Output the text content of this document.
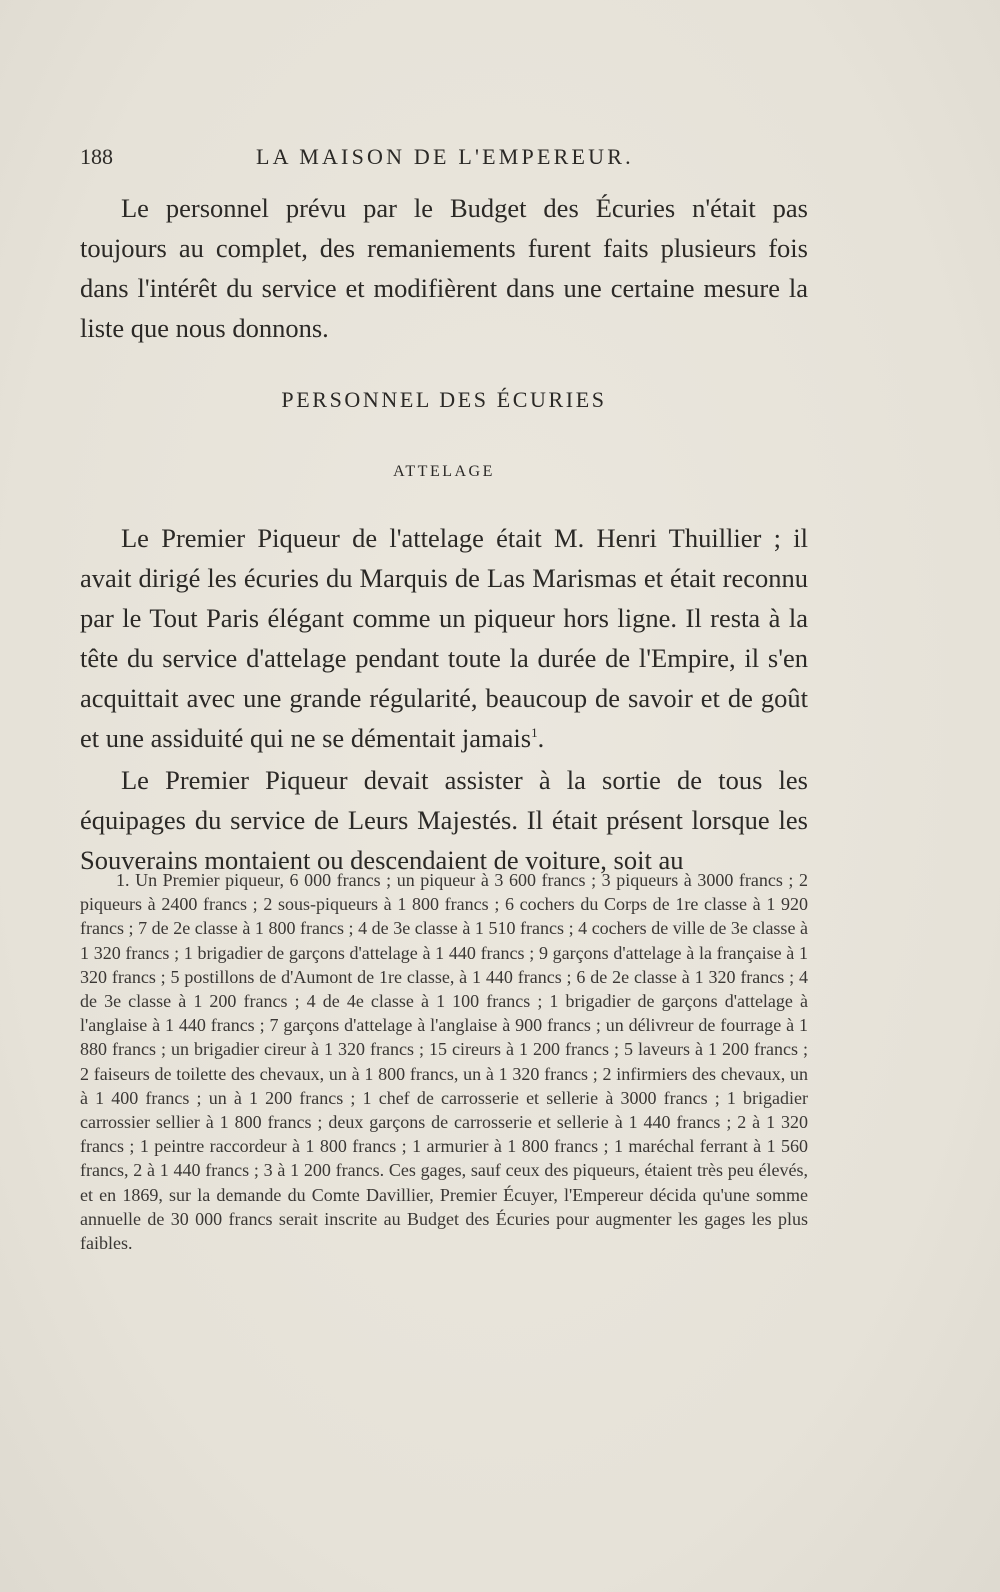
188	LA MAISON DE L'EMPEREUR.

Le personnel prévu par le Budget des Écuries n'était pas toujours au complet, des remaniements furent faits plusieurs fois dans l'intérêt du service et modifièrent dans une certaine mesure la liste que nous donnons.

PERSONNEL DES ÉCURIES
ATTELAGE

Le Premier Piqueur de l'attelage était M. Henri Thuillier ; il avait dirigé les écuries du Marquis de Las Marismas et était reconnu par le Tout Paris élégant comme un piqueur hors ligne. Il resta à la tête du service d'attelage pendant toute la durée de l'Empire, il s'en acquittait avec une grande régularité, beaucoup de savoir et de goût et une assiduité qui ne se démentait jamais$^1$.

Le Premier Piqueur devait assister à la sortie de tous les équipages du service de Leurs Majestés. Il était présent lorsque les Souverains montaient ou descendaient de voiture, soit au

1. Un Premier piqueur, 6 000 francs ; un piqueur à 3 600 francs ; 3 piqueurs à 3000 francs ; 2 piqueurs à 2400 francs ; 2 sous-piqueurs à 1 800 francs ; 6 cochers du Corps de 1re classe à 1 920 francs ; 7 de 2e classe à 1 800 francs ; 4 de 3e classe à 1 510 francs ; 4 cochers de ville de 3e classe à 1 320 francs ; 1 brigadier de garçons d'attelage à 1 440 francs ; 9 garçons d'attelage à la française à 1 320 francs ; 5 postillons de d'Aumont de 1re classe, à 1 440 francs ; 6 de 2e classe à 1 320 francs ; 4 de 3e classe à 1 200 francs ; 4 de 4e classe à 1 100 francs ; 1 brigadier de garçons d'attelage à l'anglaise à 1 440 francs ; 7 garçons d'attelage à l'anglaise à 900 francs ; un délivreur de fourrage à 1 880 francs ; un brigadier cireur à 1 320 francs ; 15 cireurs à 1 200 francs ; 5 laveurs à 1 200 francs ; 2 faiseurs de toilette des chevaux, un à 1 800 francs, un à 1 320 francs ; 2 infirmiers des chevaux, un à 1 400 francs ; un à 1 200 francs ; 1 chef de carrosserie et sellerie à 3000 francs ; 1 brigadier carrossier sellier à 1 800 francs ; deux garçons de carrosserie et sellerie à 1 440 francs ; 2 à 1 320 francs ; 1 peintre raccordeur à 1 800 francs ; 1 armurier à 1 800 francs ; 1 maréchal ferrant à 1 560 francs, 2 à 1 440 francs ; 3 à 1 200 francs. Ces gages, sauf ceux des piqueurs, étaient très peu élevés, et en 1869, sur la demande du Comte Davillier, Premier Écuyer, l'Empereur décida qu'une somme annuelle de 30 000 francs serait inscrite au Budget des Écuries pour augmenter les gages les plus faibles.
